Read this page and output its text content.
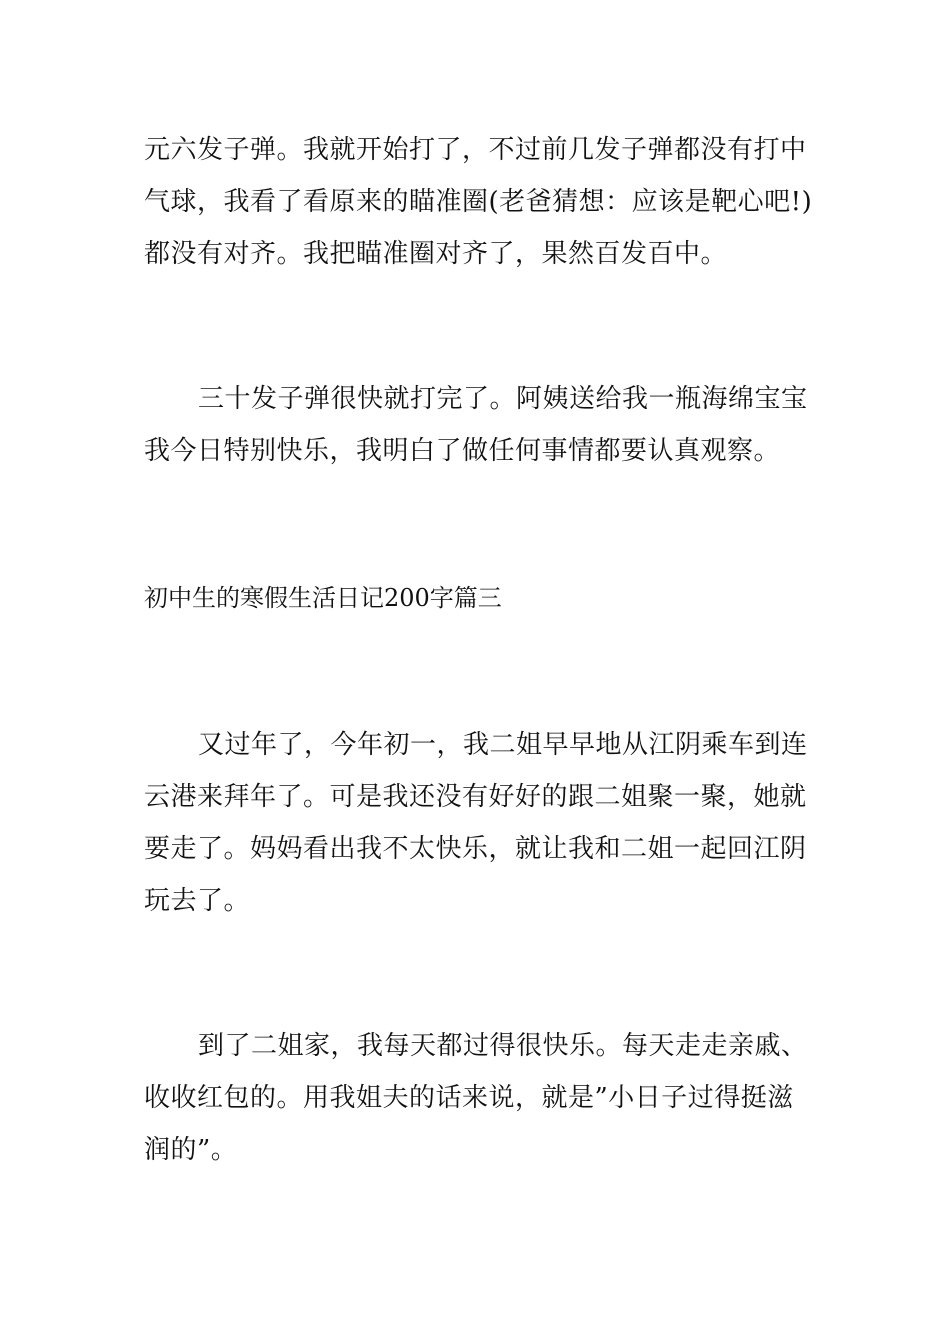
元六发子弹。我就开始打了，不过前几发子弹都没有打中
气球，我看了看原来的瞄准圈(老爸猜想：应该是靶心吧!)
都没有对齐。我把瞄准圈对齐了，果然百发百中。
三十发子弹很快就打完了。阿姨送给我一瓶海绵宝宝
我今日特别快乐，我明白了做任何事情都要认真观察。
初中生的寒假生活日记200字篇三
又过年了，今年初一，我二姐早早地从江阴乘车到连
云港来拜年了。可是我还没有好好的跟二姐聚一聚，她就
要走了。妈妈看出我不太快乐，就让我和二姐一起回江阴
玩去了。
到了二姐家，我每天都过得很快乐。每天走走亲戚、
收收红包的。用我姐夫的话来说，就是”小日子过得挺滋
润的”。
